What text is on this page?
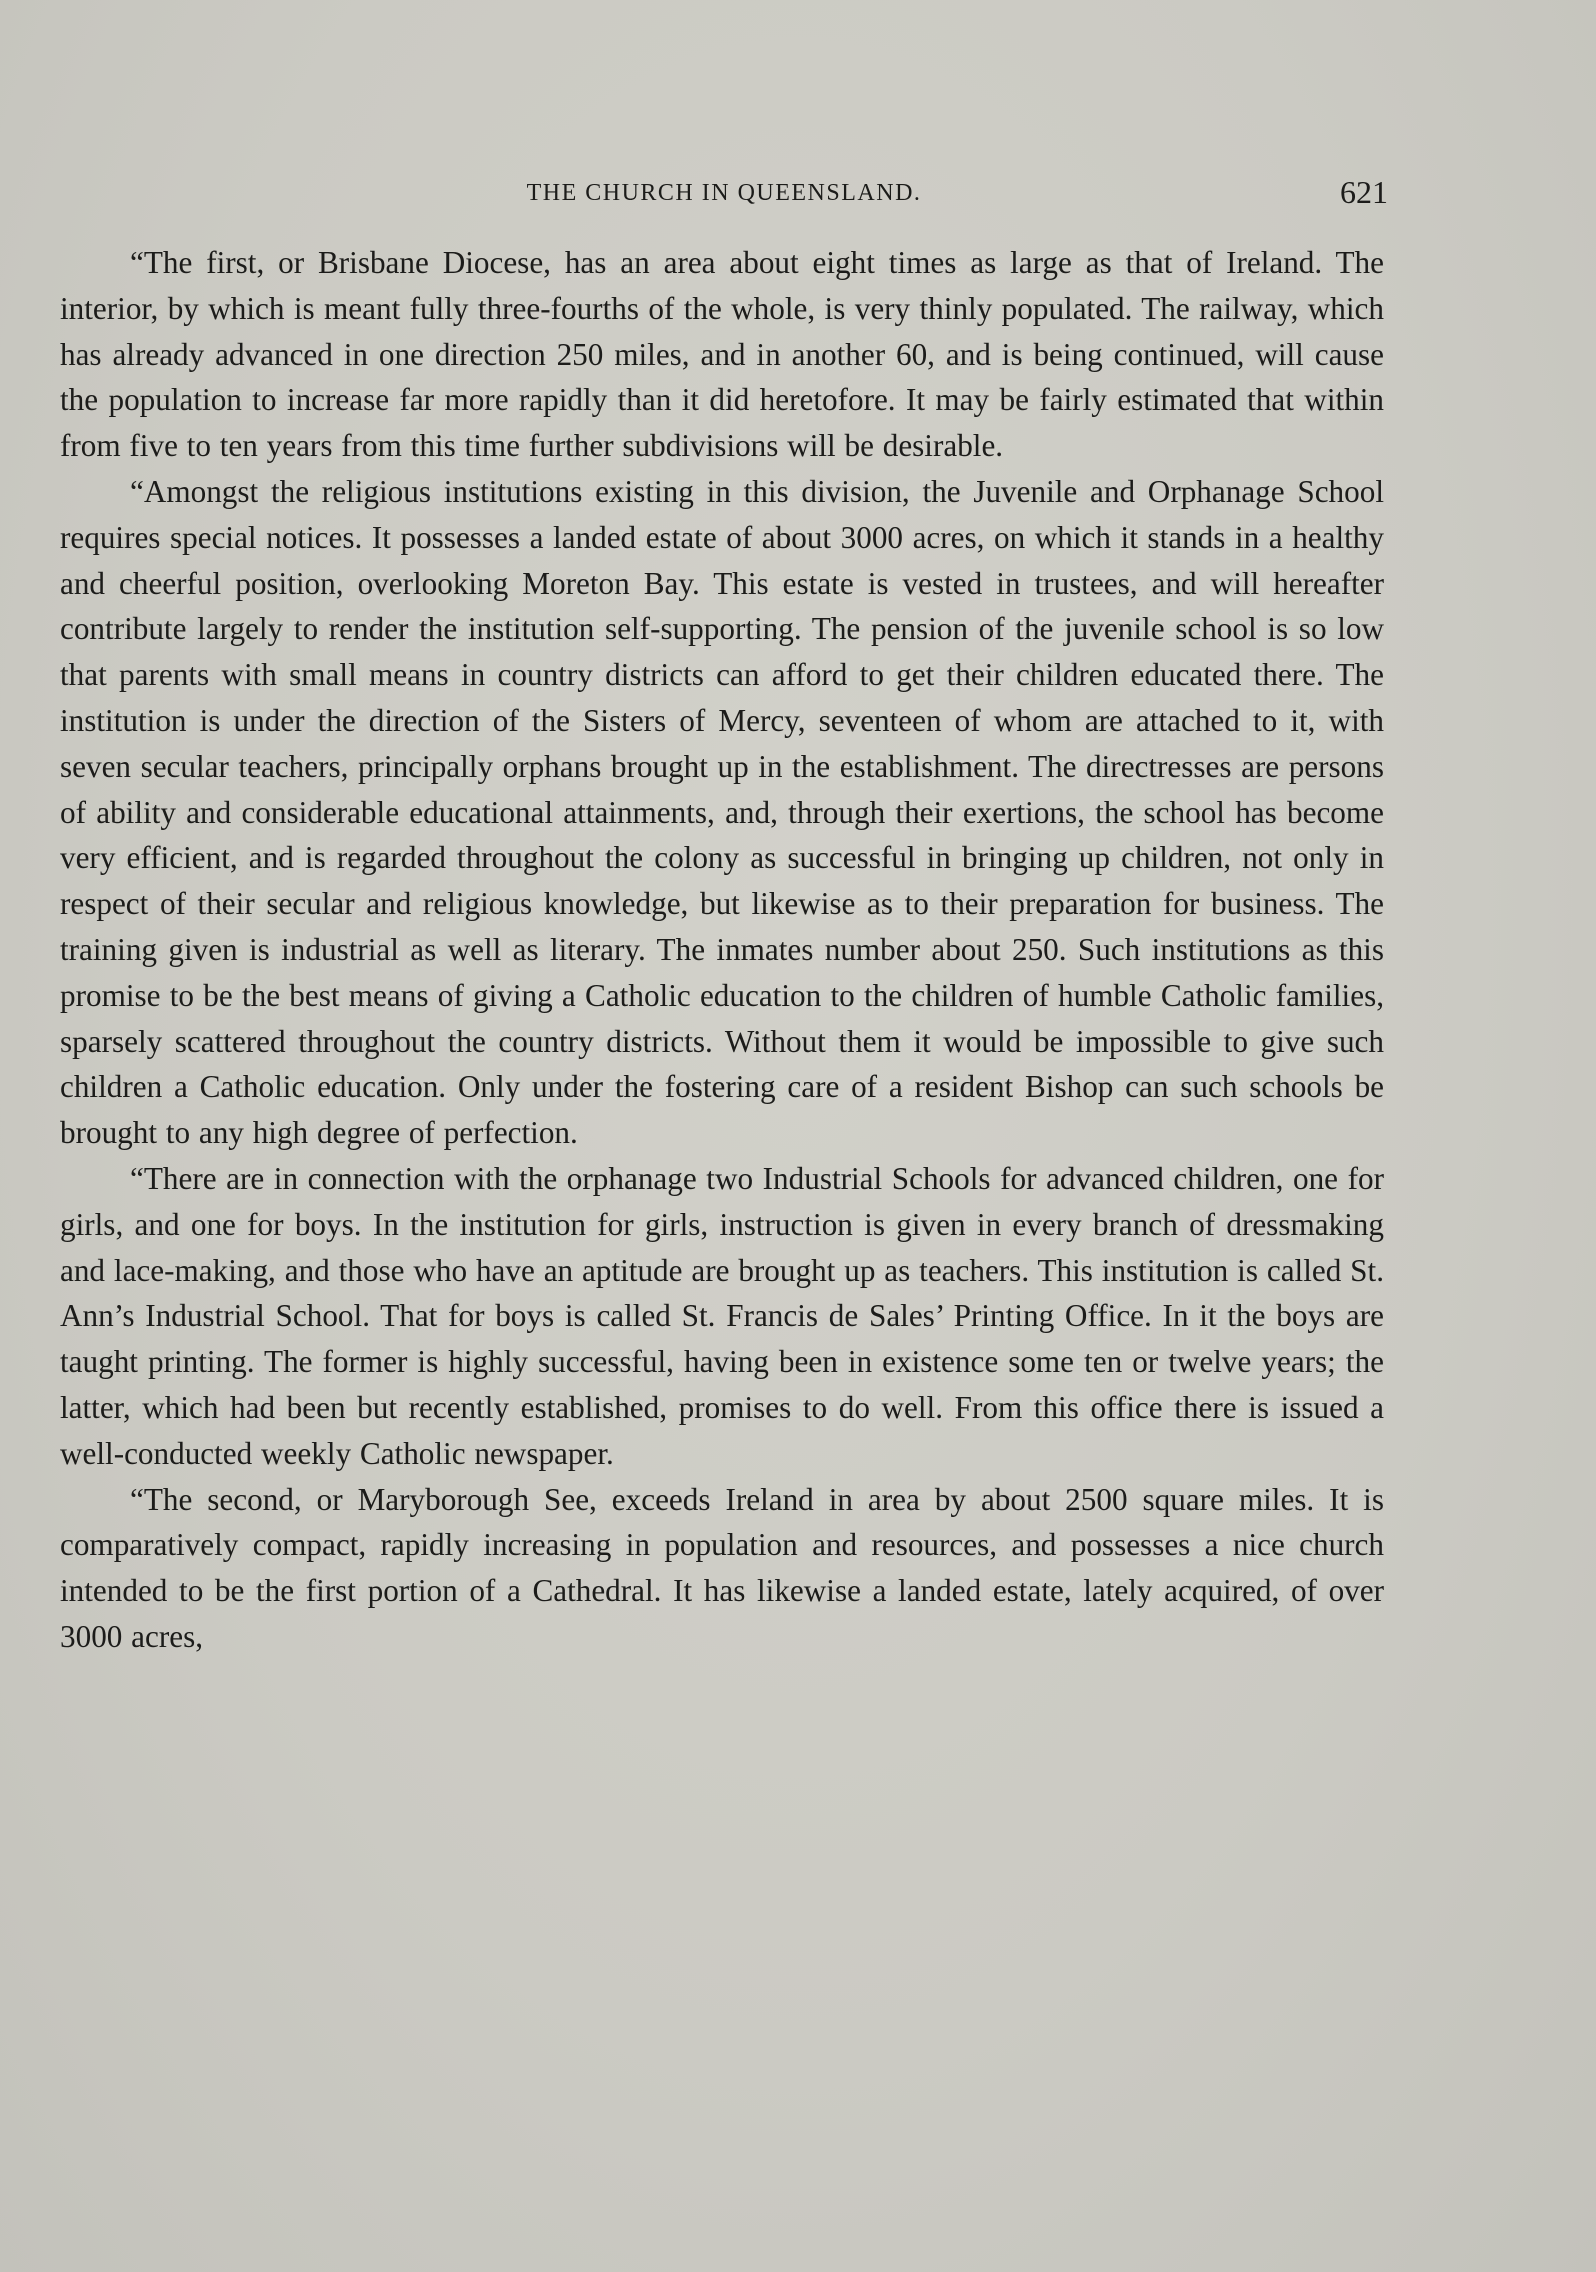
THE CHURCH IN QUEENSLAND.	621

“The first, or Brisbane Diocese, has an area about eight times as large as that of Ireland. The interior, by which is meant fully three-fourths of the whole, is very thinly populated. The railway, which has already advanced in one direction 250 miles, and in another 60, and is being continued, will cause the population to increase far more rapidly than it did heretofore. It may be fairly estimated that within from five to ten years from this time further subdivisions will be desirable.

“Amongst the religious institutions existing in this division, the Juvenile and Orphanage School requires special notices. It possesses a landed estate of about 3000 acres, on which it stands in a healthy and cheerful position, overlooking Moreton Bay. This estate is vested in trustees, and will hereafter contribute largely to render the institution self-supporting. The pension of the juvenile school is so low that parents with small means in country districts can afford to get their children educated there. The institution is under the direction of the Sisters of Mercy, seventeen of whom are attached to it, with seven secular teachers, principally orphans brought up in the establishment. The directresses are persons of ability and considerable educational attainments, and, through their exertions, the school has become very efficient, and is regarded throughout the colony as successful in bringing up children, not only in respect of their secular and religious knowledge, but likewise as to their preparation for business. The training given is industrial as well as literary. The inmates number about 250. Such institutions as this promise to be the best means of giving a Catholic education to the children of humble Catholic families, sparsely scattered throughout the country districts. Without them it would be impossible to give such children a Catholic education. Only under the fostering care of a resident Bishop can such schools be brought to any high degree of perfection.

“There are in connection with the orphanage two Industrial Schools for advanced children, one for girls, and one for boys. In the institution for girls, instruction is given in every branch of dressmaking and lace-making, and those who have an aptitude are brought up as teachers. This institution is called St. Ann’s Industrial School. That for boys is called St. Francis de Sales’ Printing Office. In it the boys are taught printing. The former is highly successful, having been in existence some ten or twelve years; the latter, which had been but recently established, promises to do well. From this office there is issued a well-conducted weekly Catholic newspaper.

“The second, or Maryborough See, exceeds Ireland in area by about 2500 square miles. It is comparatively compact, rapidly increasing in population and resources, and possesses a nice church intended to be the first portion of a Cathedral. It has likewise a landed estate, lately acquired, of over 3000 acres,
